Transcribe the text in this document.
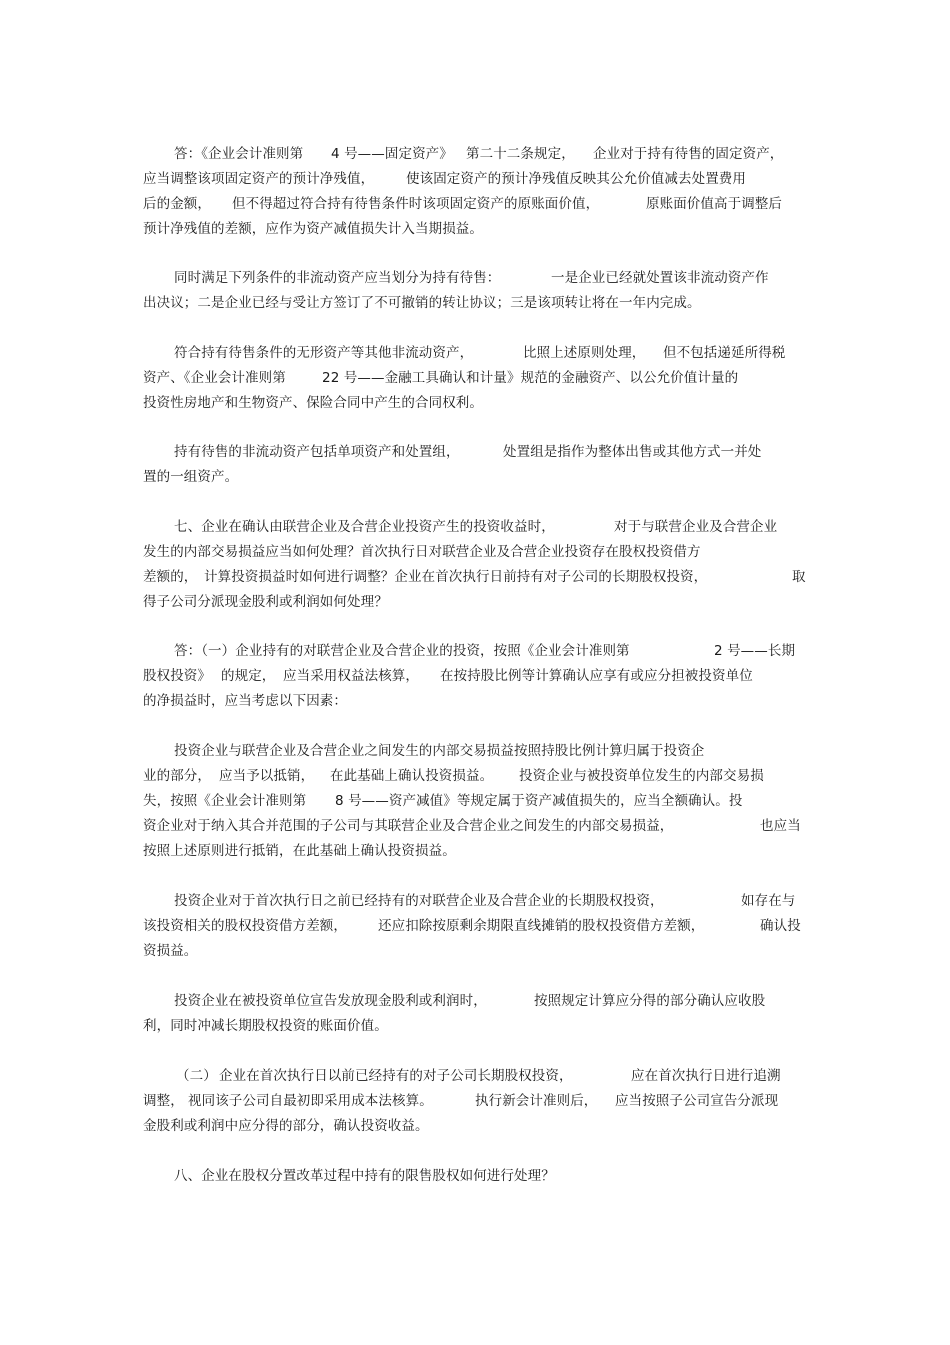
答：《企业会计准则第

4 号——固定资产》

第二十二条规定，

企业对于持有待售的固定资产，

应当调整该项固定资产的预计净残值，

使该固定资产的预计净残值反映其公允价值减去处置费用

后的金额，

但不得超过符合持有待售条件时该项固定资产的原账面价值，

	原账面价值高于调整后

预计净残值的差额，应作为资产减值损失计入当期损益。

同时满足下列条件的非流动资产应当划分为持有待售：

	一是企业已经就处置该非流动资产作

出决议；二是企业已经与受让方签订了不可撤销的转让协议；三是该项转让将在一年内完成。

符合持有待售条件的无形资产等其他非流动资产，

	比照上述原则处理，

但不包括递延所得税

资产、《企业会计准则第

	22 号——金融工具确认和计量》规范的金融资产、以公允价值计量的

投资性房地产和生物资产、保险合同中产生的合同权利。

持有待售的非流动资产包括单项资产和处置组，

	处置组是指作为整体出售或其他方式一并处

置的一组资产。

七、企业在确认由联营企业及合营企业投资产生的投资收益时，

	对于与联营企业及合营企业

发生的内部交易损益应当如何处理？首次执行日对联营企业及合营企业投资存在股权投资借方

差额的，

计算投资损益时如何进行调整？企业在首次执行日前持有对子公司的长期股权投资，

	取

得子公司分派现金股利或利润如何处理？

答：（一）企业持有的对联营企业及合营企业的投资，按照《企业会计准则第

	2 号——长期

股权投资》

的规定，

应当采用权益法核算，

在按持股比例等计算确认应享有或应分担被投资单位

的净损益时，应当考虑以下因素：

投资企业与联营企业及合营企业之间发生的内部交易损益按照持股比例计算归属于投资企

业的部分，

应当予以抵销，

在此基础上确认投资损益。

投资企业与被投资单位发生的内部交易损

失，按照《企业会计准则第

8 号——资产减值》等规定属于资产减值损失的，应当全额确认。投

资企业对于纳入其合并范围的子公司与其联营企业及合营企业之间发生的内部交易损益，

	也应当

按照上述原则进行抵销，在此基础上确认投资损益。

投资企业对于首次执行日之前已经持有的对联营企业及合营企业的长期股权投资，

	如存在与

该投资相关的股权投资借方差额，

还应扣除按原剩余期限直线摊销的股权投资借方差额，

	确认投

资损益。

投资企业在被投资单位宣告发放现金股利或利润时，

	按照规定计算应分得的部分确认应收股

利，同时冲减长期股权投资的账面价值。

（二）

企业在首次执行日以前已经持有的对子公司长期股权投资，

	应在首次执行日进行追溯

调整，

视同该子公司自最初即采用成本法核算。

	执行新会计准则后，

应当按照子公司宣告分派现

金股利或利润中应分得的部分，确认投资收益。

八、企业在股权分置改革过程中持有的限售股权如何进行处理？
